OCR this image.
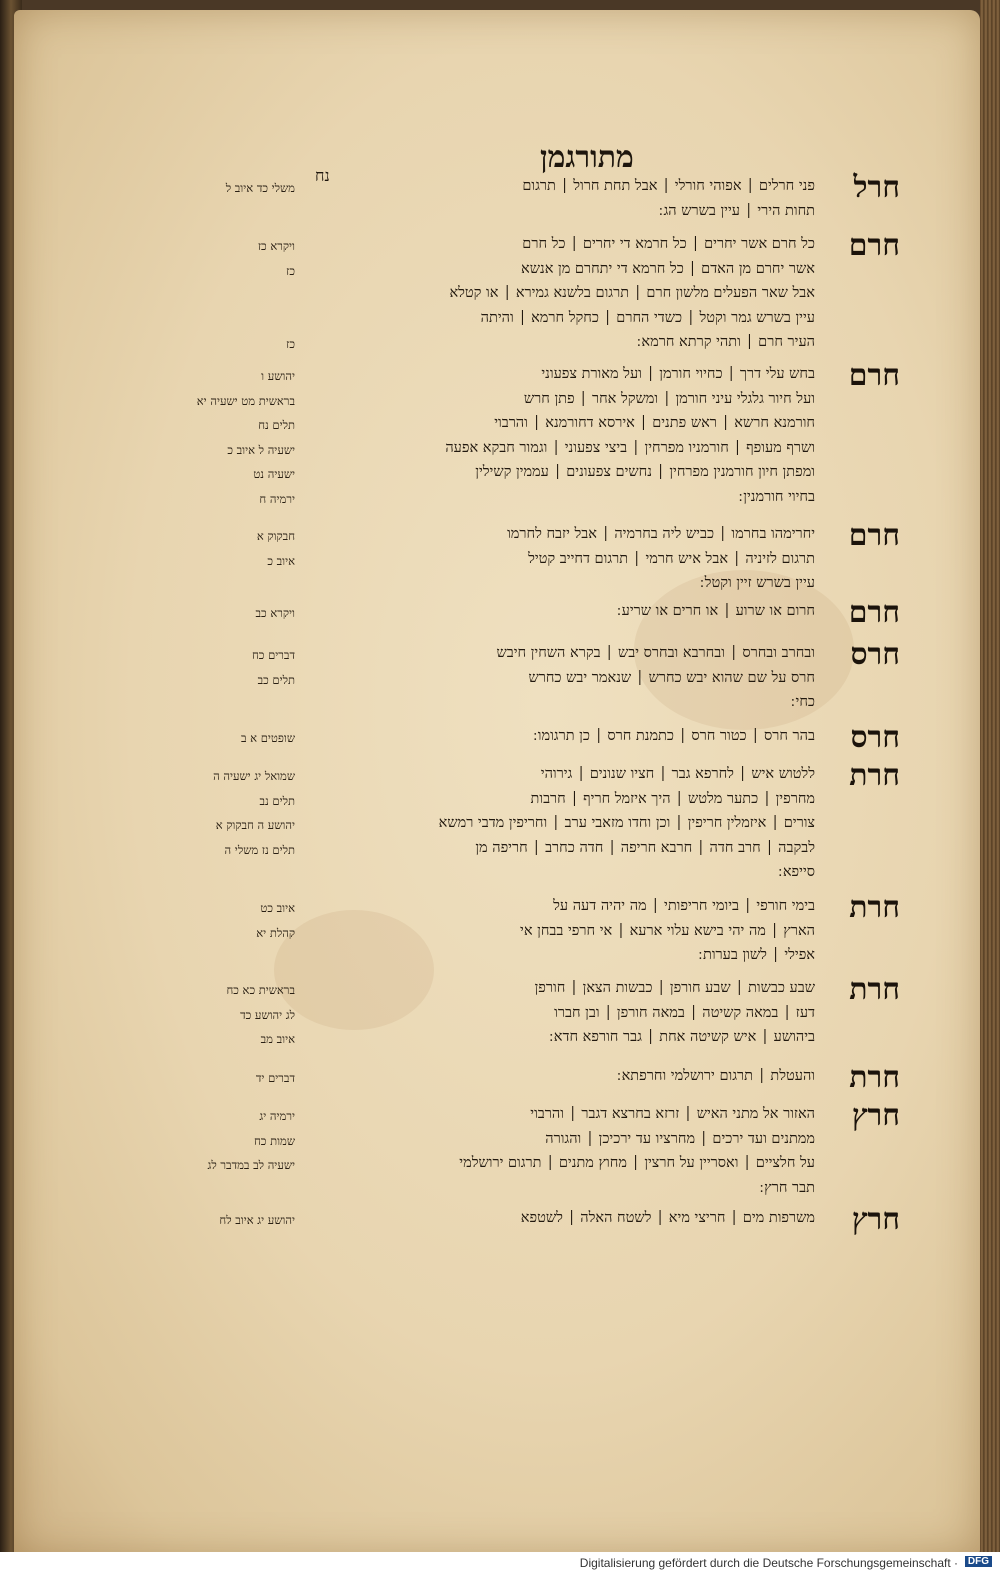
מתורגמן
נח	חרל
פני חרלים ׀ אפוהי חורלי ׀ אבל תחת חרול ׀ תרגום
תחות הירי ׀ עיין בשרש הג ׃
משלי כד איוב ל
חרם
כל חרם אשר יחרים ׀ כל חרמא די יחרים ׀ כל חרם
אשר יחרם מן האדם ׀ כל חרמא די יתחרם מן אנשא
אבל שאר הפעלים מלשון חרם ׀ תרגום בלשנא גמירא ׀ או קטלא
עיין בשרש גמר וקטל ׀ כשדי החרם ׀ כחקל חרמא ׀ והיתה
העיר חרם ׀ ותהי קרתא חרמא ׃
ויקרא כז
כז
כז
חרם
בחש עלי דרך ׀ כחיוי חורמן ׀ ועל מאורת צפעוני
ועל חיור גלגלי עיני חורמן ׀ ומשקל אחר ׀ פתן חרש
חורמנא חרשא ׀ ראש פתנים ׀ אירסא דחורמנא ׀ והרבוי
ושרף מעופף ׀ חורמניו מפרחין ׀ ביצי צפעוני ׀ וגמור חבקא אפעה
ומפתן חיון חורמנין מפרחין ׀ נחשים צפעונים ׀ עממין קשילין
בחיוי חורמנין ׃
יהושע ו
בראשית מט ישעיה יא
תלים נח
ישעיה ל איוב כ
ישעיה נט
ירמיה ח
חרם
יחרימהו בחרמו ׀ כביש ליה בחרמיה ׀ אבל יזבח לחרמו
תרגום לזיניה ׀ אבל איש חרמי ׀ תרגום דחייב קטיל
עיין בשרש זיין וקטל ׃
חבקוק א
איוב כ
חרם
חרום או שרוע ׀ או חרים או שריע ׃
ויקרא כב
חרס
ובחרב ובחרס ׀ ובחרבא ובחרס יבש ׀ בקרא השחין חיבש
חרס על שם שהוא יבש כחרש ׀ שנאמר יבש כחרש
כחי ׃
דברים כח
תלים כב
חרס
בהר חרס ׀ כטור חרס ׀ כתמנת חרס ׀ כן תרגומו ׃
שופטים א ב
חרת
ללטוש איש ׀ לחרפא גבר ׀ חציו שנונים ׀ גירוהי
מחרפין ׀ כתער מלטש ׀ היך איזמל חריף ׀ חרבות
צורים ׀ איזמלין חריפין ׀ וכן וחדו מזאבי ערב ׀ וחריפין מדבי רמשא
לבקבה ׀ חרב חדה ׀ חרבא חריפה ׀ חדה כחרב ׀ חריפה מן
סייפא ׃
שמואל יג ישעיה ה
תלים נב
יהושע ה חבקוק א
תלים נז משלי ה
חרת
בימי חורפי ׀ ביומי חריפותי ׀ מה יהיה דעה על
הארץ ׀ מה יהי בישא עלוי ארעא ׀ אי חרפי בבחן אי
אפילי ׀ לשון בערות ׃
איוב כט
קהלת יא
חרת
שבע כבשות ׀ שבע חורפן ׀ כבשות הצאן ׀ חורפן
דעז ׀ במאה קשיטה ׀ במאה חורפן ׀ ובן חברו
ביהושע ׀ איש קשיטה אחת ׀ גבר חורפא חדא ׃
בראשית כא כח
לג יהושע כד
איוב מב
חרת
והעטלת ׀ תרגום ירושלמי וחרפתא ׃
דברים יד
חרץ
האזור אל מתני האיש ׀ זרזא בחרצא דגבר ׀ והרבוי
ממתנים ועד ירכים ׀ מחרציו עד ירכיכן ׀ והגורה
על חלציים ׀ ואסריין על חרצין ׀ מחוץ מתנים ׀ תרגום ירושלמי
תבר חרץ ׃
ירמיה יג
שמות כח
ישעיה לב במדבר לג
חרץ
משרפות מים ׀ חריצי מיא ׀ לשטח האלה ׀ לשטפא
יהושע יג איוב לח
Digitalisierung gefördert durch die Deutsche Forschungsgemeinschaft · DFG
